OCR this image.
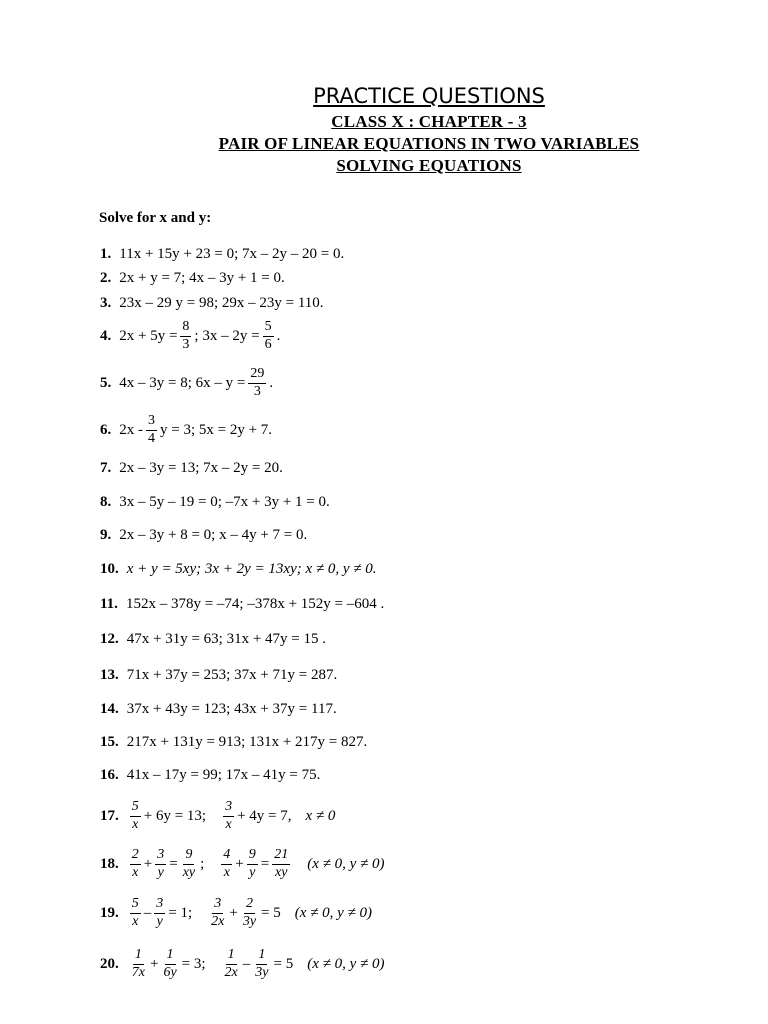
PRACTICE QUESTIONS
CLASS X : CHAPTER - 3
PAIR OF LINEAR EQUATIONS IN TWO VARIABLES
SOLVING EQUATIONS
Solve for x and y:
1. 11x + 15y + 23 = 0; 7x – 2y – 20 = 0.
2. 2x + y = 7; 4x – 3y + 1 = 0.
3. 23x – 29 y = 98; 29x – 23y = 110.
4. $2x + 5y = \frac{8}{3}$ ; $3x - 2y = \frac{5}{6}$ .
5. 4x – 3y = 8; $6x - y = \frac{29}{3}$ .
6. $2x - \frac{3}{4}$ y = 3; 5x = 2y + 7.
7. 2x – 3y = 13; 7x – 2y = 20.
8. 3x – 5y – 19 = 0; –7x + 3y + 1 = 0.
9. 2x – 3y + 8 = 0; x – 4y + 7 = 0.
10. x + y = 5xy; 3x + 2y = 13xy; x ≠ 0, y ≠ 0.
11. 152x – 378y = –74; –378x + 152y = –604 .
12. 47x + 31y = 63; 31x + 47y = 15 .
13. 71x + 37y = 253; 37x + 71y = 287.
14. 37x + 43y = 123; 43x + 37y = 117.
15. 217x + 131y = 913; 131x + 217y = 827.
16. 41x – 17y = 99; 17x – 41y = 75.
17. $\frac{5}{x} + 6y = 13$; $\frac{3}{x} + 4y = 7$, x ≠ 0
18. $\frac{2}{x} + \frac{3}{y} = \frac{9}{xy}$ ; $\frac{4}{x} + \frac{9}{y} = \frac{21}{xy} (x \ne 0$, y ≠ 0)
19. $\frac{5}{x} - \frac{3}{y} = 1$; $\frac{3}{2x} + \frac{2}{3y} = 5$ (x ≠ 0, y ≠ 0)
20. $\frac{1}{7x} + \frac{1}{6y} = 3$; $\frac{1}{2x} - \frac{1}{3y} = 5$ (x ≠ 0, y ≠ 0)
